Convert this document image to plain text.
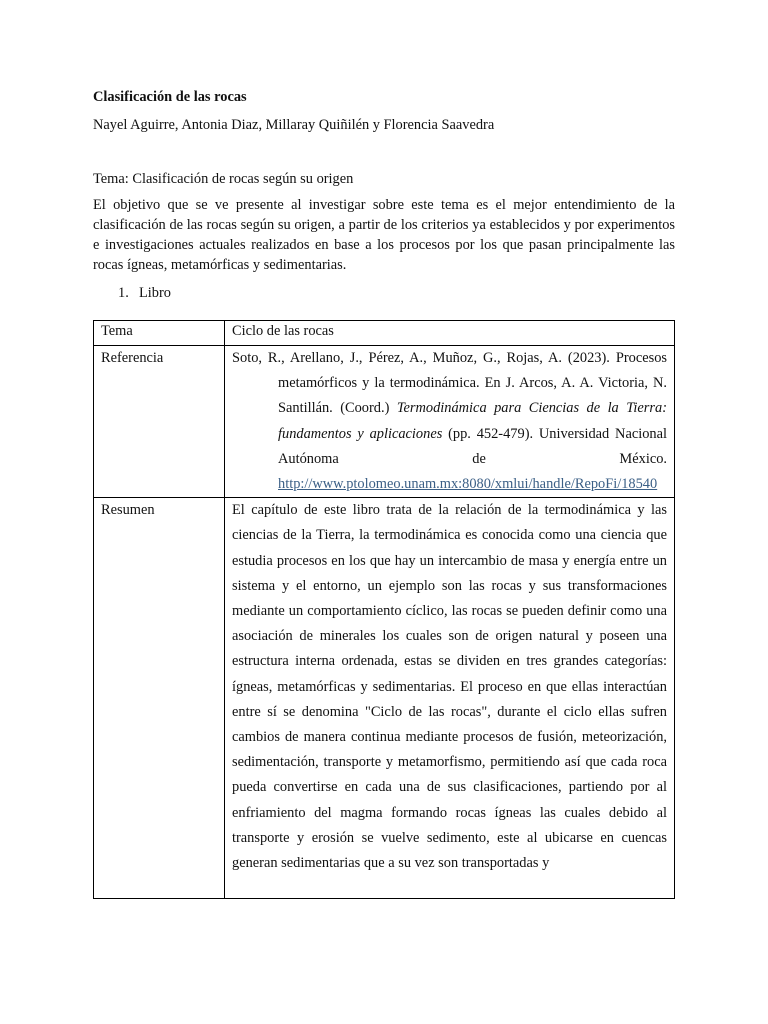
Clasificación de las rocas

Nayel Aguirre, Antonia Diaz, Millaray Quiñilén y Florencia Saavedra

Tema: Clasificación de rocas según su origen

El objetivo que se ve presente al investigar sobre este tema es el mejor entendimiento de la clasificación de las rocas según su origen, a partir de los criterios ya establecidos y por experimentos e investigaciones actuales realizados en base a los procesos por los que pasan principalmente las rocas ígneas, metamórficas y sedimentarias.

1. Libro

Tema	Ciclo de las rocas
Referencia	Soto, R., Arellano, J., Pérez, A., Muñoz, G., Rojas, A. (2023). Procesos metamórficos y la termodinámica. En J. Arcos, A. A. Victoria, N. Santillán. (Coord.) Termodinámica para Ciencias de la Tierra: fundamentos y aplicaciones (pp. 452-479). Universidad Nacional Autónoma de México. http://www.ptolomeo.unam.mx:8080/xmlui/handle/RepoFi/18540
Resumen	El capítulo de este libro trata de la relación de la termodinámica y las ciencias de la Tierra, la termodinámica es conocida como una ciencia que estudia procesos en los que hay un intercambio de masa y energía entre un sistema y el entorno, un ejemplo son las rocas y sus transformaciones mediante un comportamiento cíclico, las rocas se pueden definir como una asociación de minerales los cuales son de origen natural y poseen una estructura interna ordenada, estas se dividen en tres grandes categorías: ígneas, metamórficas y sedimentarias. El proceso en que ellas interactúan entre sí se denomina "Ciclo de las rocas", durante el ciclo ellas sufren cambios de manera continua mediante procesos de fusión, meteorización, sedimentación, transporte y metamorfismo, permitiendo así que cada roca pueda convertirse en cada una de sus clasificaciones, partiendo por al enfriamiento del magma formando rocas ígneas las cuales debido al transporte y erosión se vuelve sedimento, este al ubicarse en cuencas generan sedimentarias que a su vez son transportadas y
